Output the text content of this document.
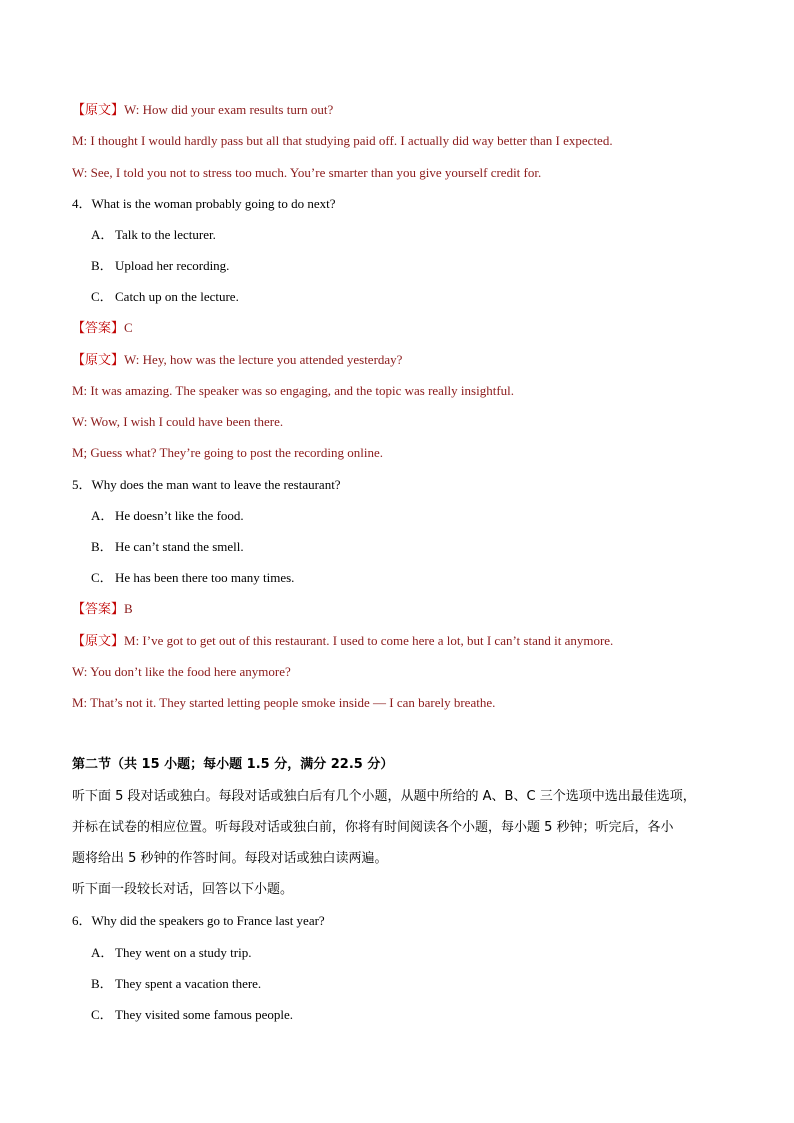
【原文】W: How did your exam results turn out?
M: I thought I would hardly pass but all that studying paid off. I actually did way better than I expected.
W: See, I told you not to stress too much. You’re smarter than you give yourself credit for.
4．What is the woman probably going to do next?
A． Talk to the lecturer.
B． Upload her recording.
C． Catch up on the lecture.
【答案】C
【原文】W: Hey, how was the lecture you attended yesterday?
M: It was amazing. The speaker was so engaging, and the topic was really insightful.
W: Wow, I wish I could have been there.
M; Guess what? They’re going to post the recording online.
5．Why does the man want to leave the restaurant?
A． He doesn’t like the food.
B． He can’t stand the smell.
C． He has been there too many times.
【答案】B
【原文】M: I’ve got to get out of this restaurant. I used to come here a lot, but I can’t stand it anymore.
W: You don’t like the food here anymore?
M: That’s not it. They started letting people smoke inside — I can barely breathe.
第二节（共 15 小题；每小题 1.5 分，满分 22.5 分）
听下面 5 段对话或独白。每段对话或独白后有几个小题，从题中所给的 A、B、C 三个选项中选出最佳选项，
并标在试卷的相应位置。听每段对话或独白前，你将有时间阅读各个小题，每小题 5 秒钟；听完后，各小
题将给出 5 秒钟的作答时间。每段对话或独白读两遍。
听下面一段较长对话，回答以下小题。
6．Why did the speakers go to France last year?
A． They went on a study trip.
B． They spent a vacation there.
C． They visited some famous people.
